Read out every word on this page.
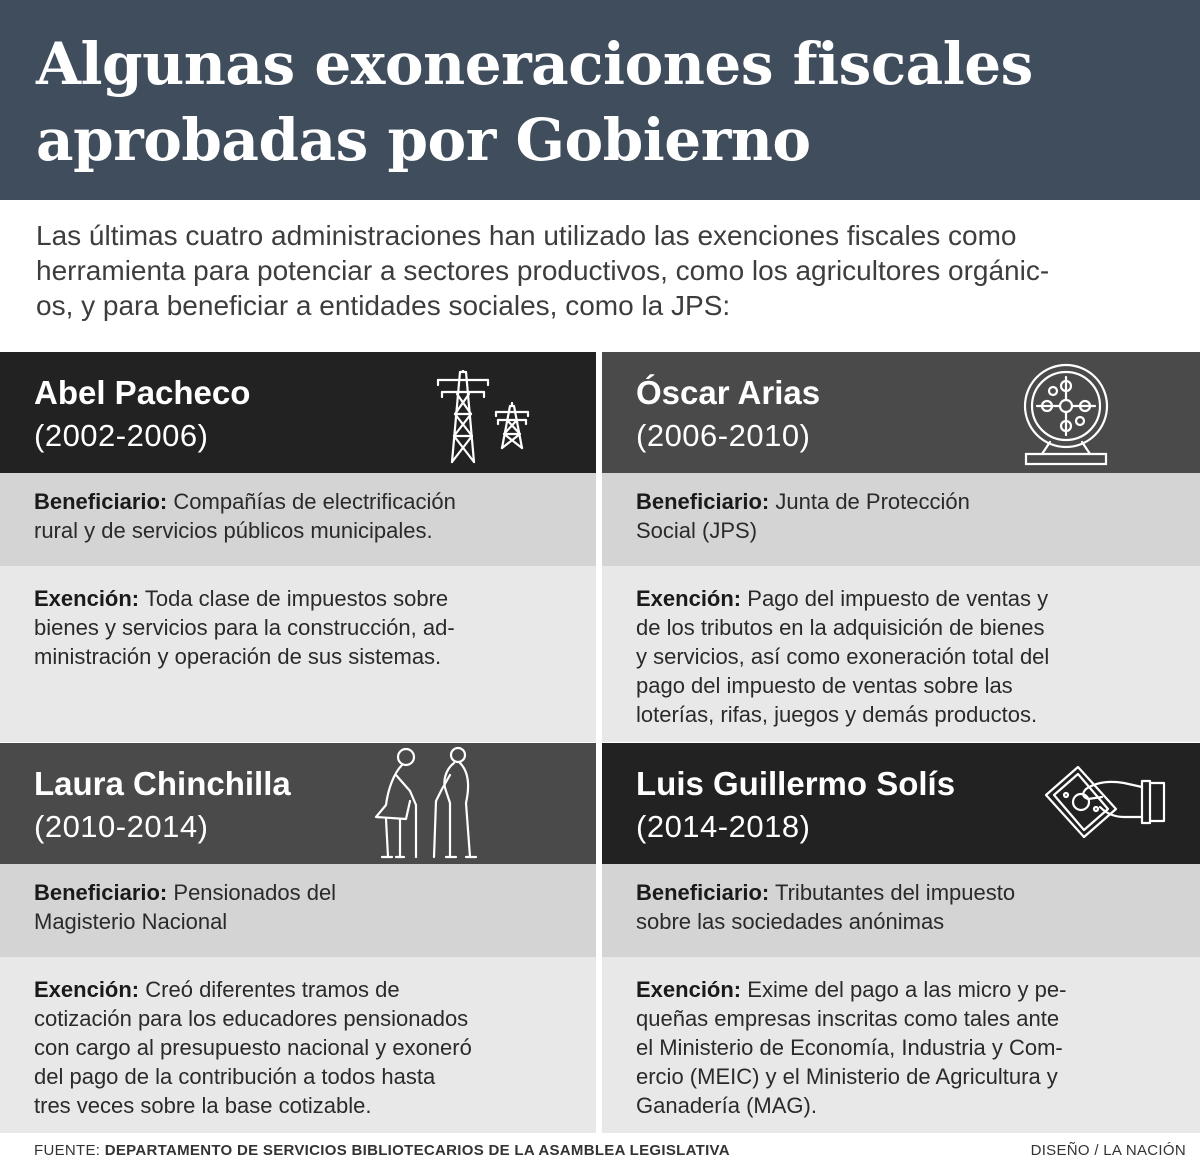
Algunas exoneraciones fiscales
aprobadas por Gobierno
Las últimas cuatro administraciones han utilizado las exenciones fiscales como
herramienta para potenciar a sectores productivos, como los agricultores orgánic-
os, y para beneficiar a entidades sociales, como la JPS:
Abel Pacheco
(2002-2006)
Beneficiario: Compañías de electrificación
rural y de servicios públicos municipales.
Exención: Toda clase de impuestos sobre
bienes y servicios para la construcción, ad-
ministración y operación de sus sistemas.
Óscar Arias
(2006-2010)
Beneficiario: Junta de Protección
Social (JPS)
Exención: Pago del impuesto de ventas y
de los tributos en la adquisición de bienes
y servicios, así como exoneración total del
pago del impuesto de ventas sobre las
loterías, rifas, juegos y demás productos.
Laura Chinchilla
(2010-2014)
Beneficiario: Pensionados del
Magisterio Nacional
Exención: Creó diferentes tramos de
cotización para los educadores pensionados
con cargo al presupuesto nacional y exoneró
del pago de la contribución a todos hasta
tres veces sobre la base cotizable.
Luis Guillermo Solís
(2014-2018)
Beneficiario: Tributantes del impuesto
sobre las sociedades anónimas
Exención: Exime del pago a las micro y pe-
queñas empresas inscritas como tales ante
el Ministerio de Economía, Industria y Com-
ercio (MEIC) y el Ministerio de Agricultura y
Ganadería (MAG).
FUENTE: DEPARTAMENTO DE SERVICIOS BIBLIOTECARIOS DE LA ASAMBLEA LEGISLATIVA	DISEÑO / LA NACIÓN
